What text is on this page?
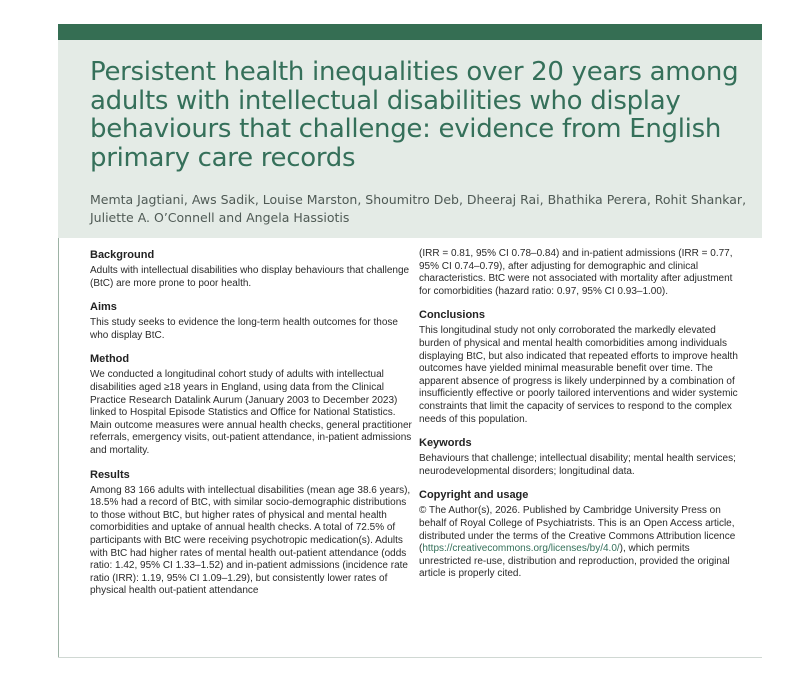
Persistent health inequalities over 20 years among adults with intellectual disabilities who display behaviours that challenge: evidence from English primary care records
Memta Jagtiani, Aws Sadik, Louise Marston, Shoumitro Deb, Dheeraj Rai, Bhathika Perera, Rohit Shankar,
Juliette A. O’Connell and Angela Hassiotis
Background

Adults with intellectual disabilities who display behaviours that challenge (BtC) are more prone to poor health.

Aims

This study seeks to evidence the long-term health outcomes for those who display BtC.

Method

We conducted a longitudinal cohort study of adults with intellectual disabilities aged ≥18 years in England, using data from the Clinical Practice Research Datalink Aurum (January 2003 to December 2023) linked to Hospital Episode Statistics and Office for National Statistics. Main outcome measures were annual health checks, general practitioner referrals, emergency visits, out-patient attendance, in-patient admissions and mortality.

Results

Among 83 166 adults with intellectual disabilities (mean age 38.6 years), 18.5% had a record of BtC, with similar socio-demographic distributions to those without BtC, but higher rates of physical and mental health comorbidities and uptake of annual health checks. A total of 72.5% of participants with BtC were receiving psychotropic medication(s). Adults with BtC had higher rates of mental health out-patient attendance (odds ratio: 1.42, 95% CI 1.33–1.52) and in-patient admissions (incidence rate ratio (IRR): 1.19, 95% CI 1.09–1.29), but consistently lower rates of physical health out-patient attendance

(IRR = 0.81, 95% CI 0.78–0.84) and in-patient admissions (IRR = 0.77, 95% CI 0.74–0.79), after adjusting for demographic and clinical characteristics. BtC were not associated with mortality after adjustment for comorbidities (hazard ratio: 0.97, 95% CI 0.93–1.00).

Conclusions

This longitudinal study not only corroborated the markedly elevated burden of physical and mental health comorbidities among individuals displaying BtC, but also indicated that repeated efforts to improve health outcomes have yielded minimal measurable benefit over time. The apparent absence of progress is likely underpinned by a combination of insufficiently effective or poorly tailored interventions and wider systemic constraints that limit the capacity of services to respond to the complex needs of this population.

Keywords

Behaviours that challenge; intellectual disability; mental health services; neurodevelopmental disorders; longitudinal data.

Copyright and usage

© The Author(s), 2026. Published by Cambridge University Press on behalf of Royal College of Psychiatrists. This is an Open Access article, distributed under the terms of the Creative Commons Attribution licence (https://creativecommons.org/licenses/by/4.0/), which permits unrestricted re-use, distribution and reproduction, provided the original article is properly cited.
